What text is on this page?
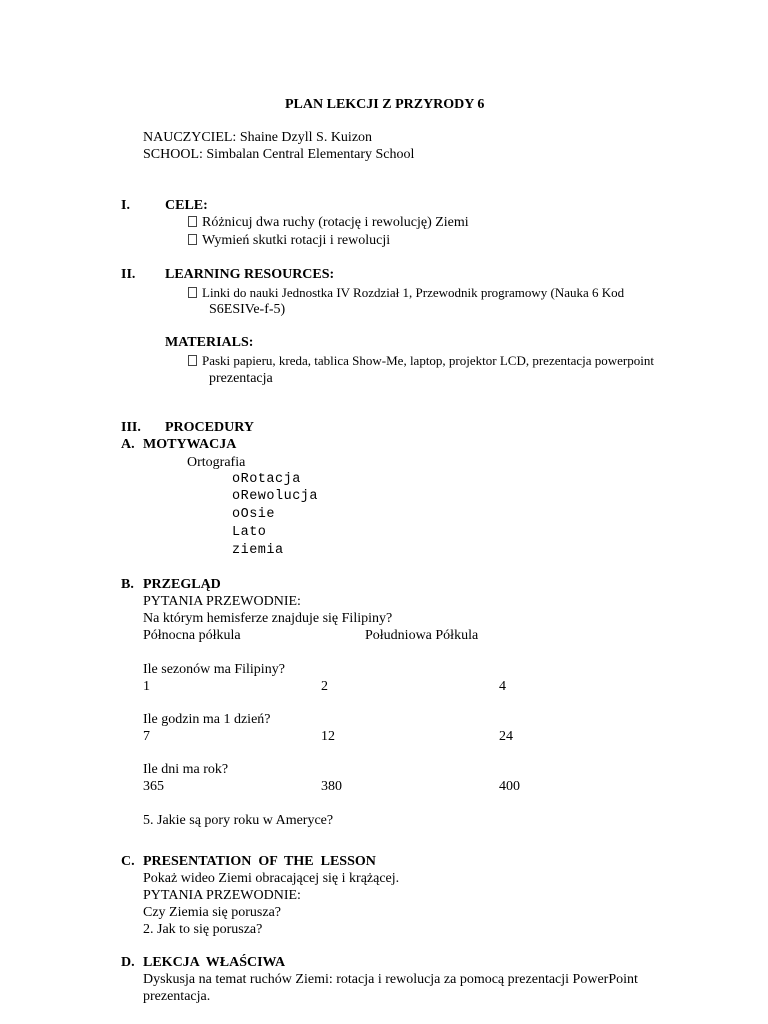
PLAN LEKCJI Z PRZYRODY 6
NAUCZYCIEL: Shaine Dzyll S. Kuizon
SCHOOL: Simbalan Central Elementary School
I.	CELE:
Różnicuj dwa ruchy (rotację i rewolucję) Ziemi
Wymień skutki rotacji i rewolucji
II. LEARNING RESOURCES:
Linki do nauki Jednostka IV Rozdział 1, Przewodnik programowy (Nauka 6 Kod
S6ESIVe-f-5)
MATERIALS:
Paski papieru, kreda, tablica Show-Me, laptop, projektor LCD, prezentacja powerpoint
prezentacja
III. PROCEDURY
A. MOTYWACJA
Ortografia
oRotacja
oRewolucja
oOsie
Lato
ziemia
B. PRZEGLĄD
PYTANIA PRZEWODNIE:
Na którym hemisferze znajduje się Filipiny?
Północna półkula	Południowa Półkula
Ile sezonów ma Filipiny?
1	2	4
Ile godzin ma 1 dzień?
7	12	24
Ile dni ma rok?
365	380	400
5. Jakie są pory roku w Ameryce?
C. PRESENTATION  OF  THE  LESSON
Pokaż wideo Ziemi obracającej się i krążącej.
PYTANIA PRZEWODNIE:
Czy Ziemia się porusza?
2. Jak to się porusza?
D. LEKCJA  WŁAŚCIWA
Dyskusja na temat ruchów Ziemi: rotacja i rewolucja za pomocą prezentacji PowerPoint
prezentacja.
